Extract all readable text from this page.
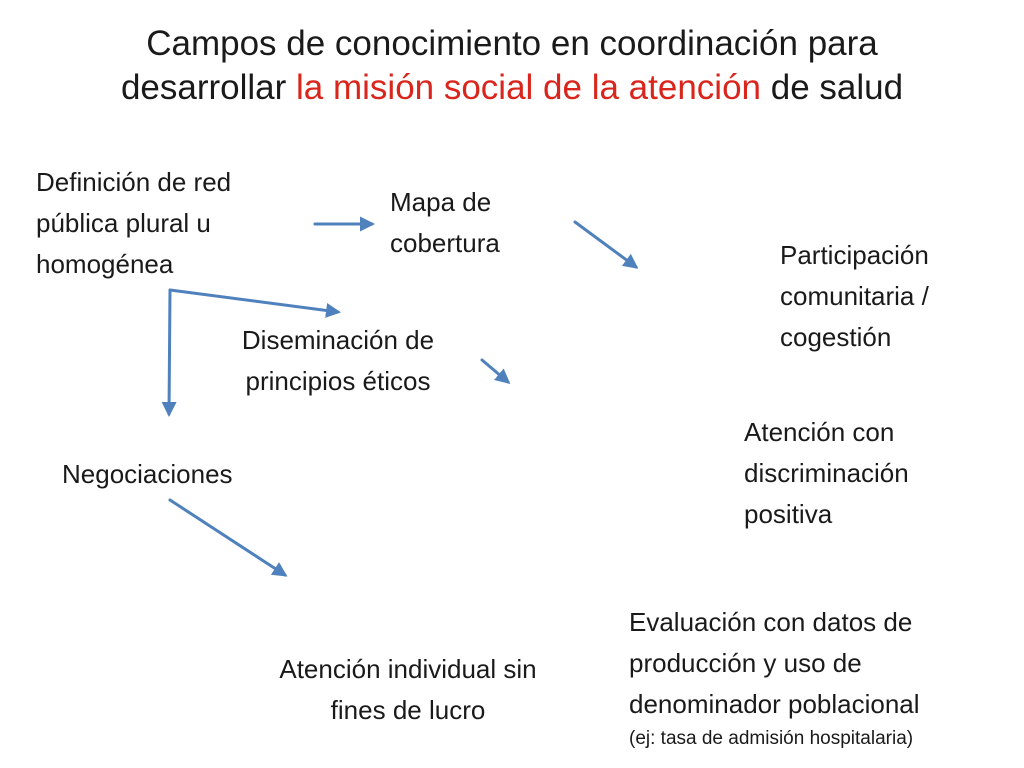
Campos de conocimiento en coordinación para
desarrollar la misión social de la atención de salud
Definición de red
pública plural u
homogénea
Mapa de
cobertura	Participación
comunitaria /
cogestión
Diseminación de
principios éticos
Negociaciones
Atención con
discriminación
positiva
Atención individual sin
fines de lucro
Evaluación con datos de
producción y uso de
denominador poblacional
(ej: tasa de admisión hospitalaria)
